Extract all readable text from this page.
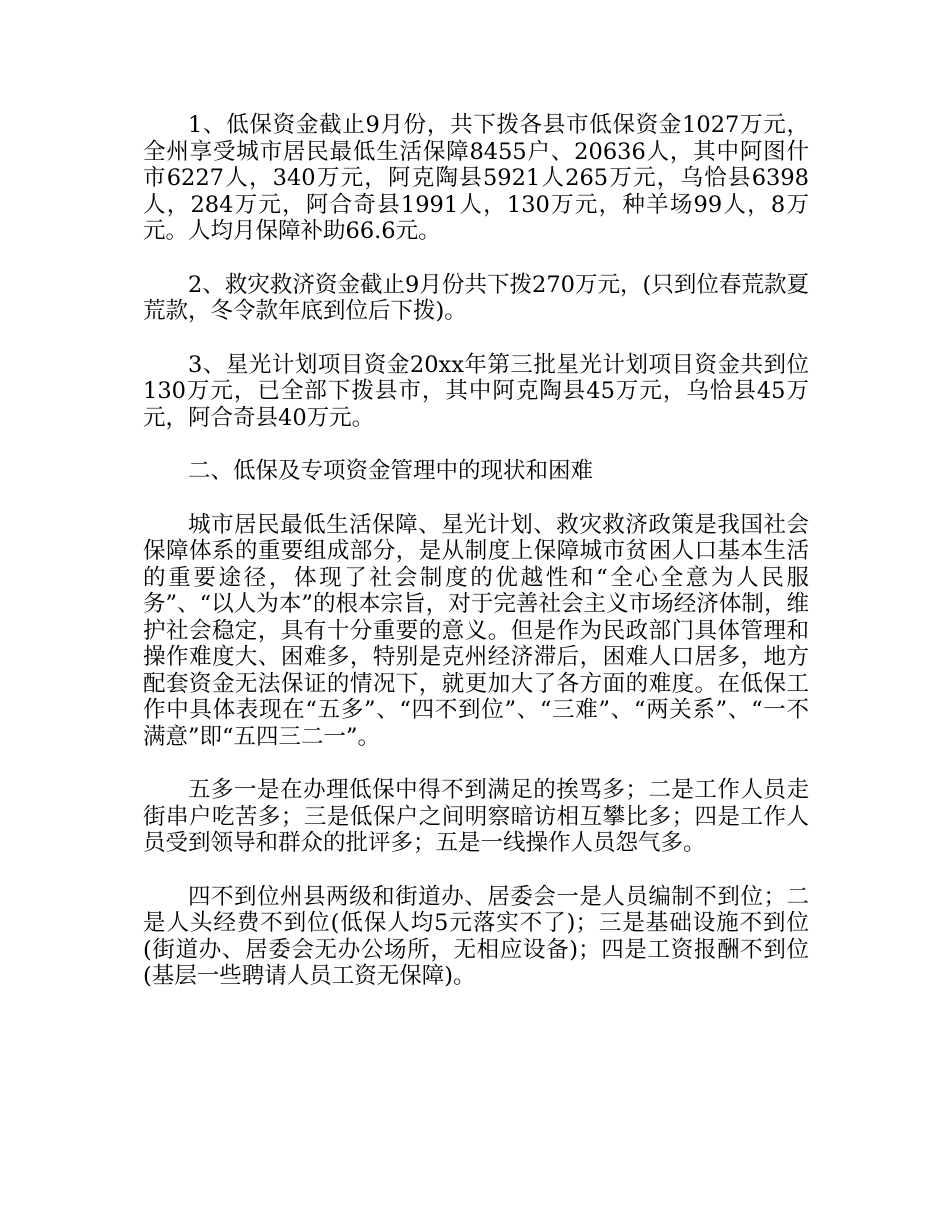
1、低保资金截止9月份，共下拨各县市低保资金1027万元，全州享受城市居民最低生活保障8455户、20636人，其中阿图什市6227人，340万元，阿克陶县5921人265万元，乌恰县6398人，284万元，阿合奇县1991人，130万元，种羊场99人，8万元。人均月保障补助66.6元。

2、救灾救济资金截止9月份共下拨270万元，(只到位春荒款夏荒款，冬令款年底到位后下拨)。

3、星光计划项目资金20xx年第三批星光计划项目资金共到位130万元，已全部下拨县市，其中阿克陶县45万元，乌恰县45万元，阿合奇县40万元。

二、低保及专项资金管理中的现状和困难

城市居民最低生活保障、星光计划、救灾救济政策是我国社会保障体系的重要组成部分，是从制度上保障城市贫困人口基本生活的重要途径，体现了社会制度的优越性和“全心全意为人民服务”、“以人为本”的根本宗旨，对于完善社会主义市场经济体制，维护社会稳定，具有十分重要的意义。但是作为民政部门具体管理和操作难度大、困难多，特别是克州经济滞后，困难人口居多，地方配套资金无法保证的情况下，就更加大了各方面的难度。在低保工作中具体表现在“五多”、“四不到位”、“三难”、“两关系”、“一不满意”即“五四三二一”。

五多一是在办理低保中得不到满足的挨骂多；二是工作人员走街串户吃苦多；三是低保户之间明察暗访相互攀比多；四是工作人员受到领导和群众的批评多；五是一线操作人员怨气多。

四不到位州县两级和街道办、居委会一是人员编制不到位；二是人头经费不到位(低保人均5元落实不了)；三是基础设施不到位(街道办、居委会无办公场所，无相应设备)；四是工资报酬不到位(基层一些聘请人员工资无保障)。
